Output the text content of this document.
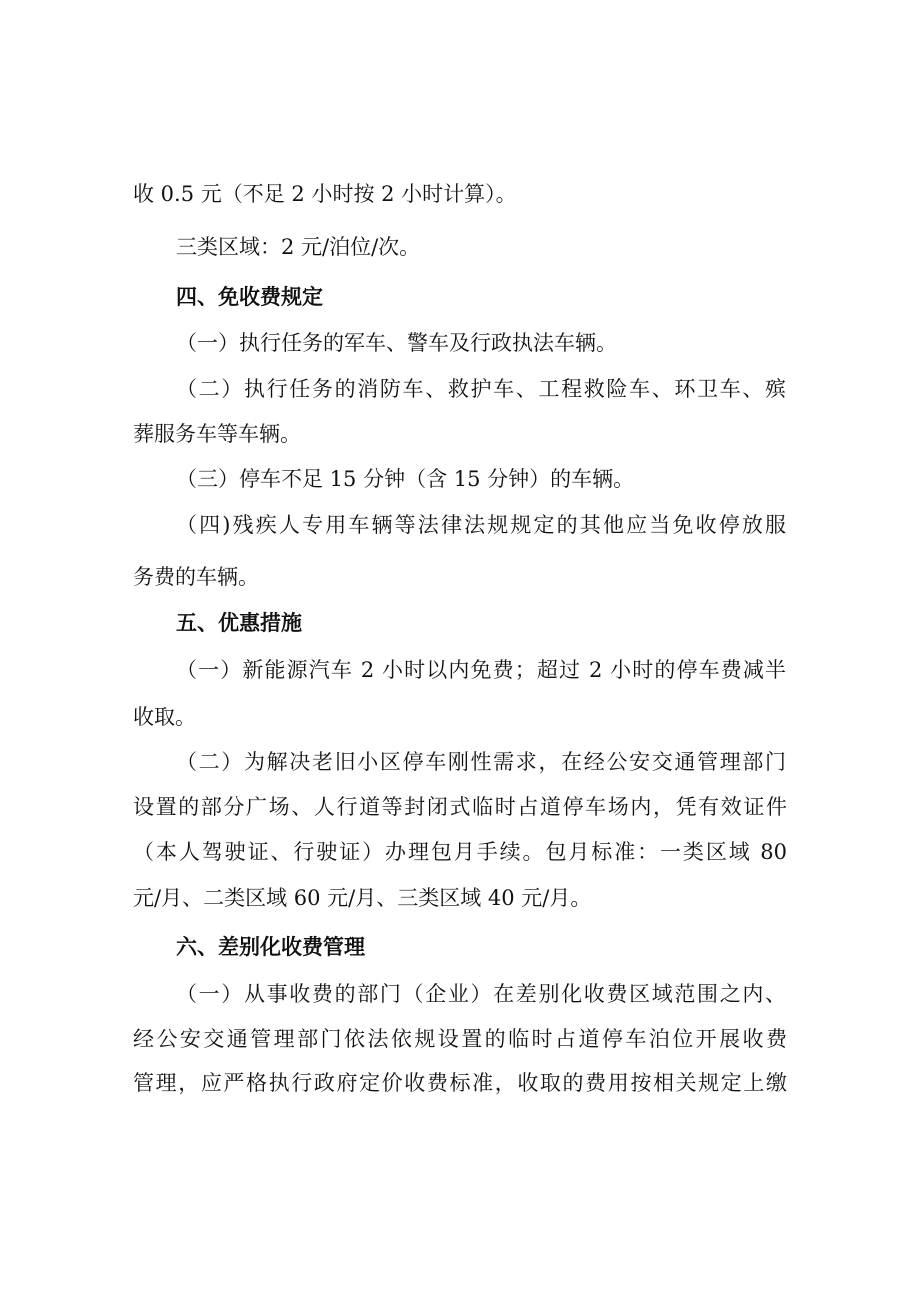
收 0.5 元（不足 2 小时按 2 小时计算）。
三类区域：2 元/泊位/次。
四、免收费规定
（一）执行任务的军车、警车及行政执法车辆。
（二）执行任务的消防车、救护车、工程救险车、环卫车、殡
葬服务车等车辆。
（三）停车不足 15 分钟（含 15 分钟）的车辆。
（四)残疾人专用车辆等法律法规规定的其他应当免收停放服
务费的车辆。
五、优惠措施
（一）新能源汽车 2 小时以内免费；超过 2 小时的停车费减半
收取。
（二）为解决老旧小区停车刚性需求，在经公安交通管理部门
设置的部分广场、人行道等封闭式临时占道停车场内，凭有效证件
（本人驾驶证、行驶证）办理包月手续。包月标准：一类区域 80
元/月、二类区域 60 元/月、三类区域 40 元/月。
六、差别化收费管理
（一）从事收费的部门（企业）在差别化收费区域范围之内、
经公安交通管理部门依法依规设置的临时占道停车泊位开展收费
管理，应严格执行政府定价收费标准，收取的费用按相关规定上缴
